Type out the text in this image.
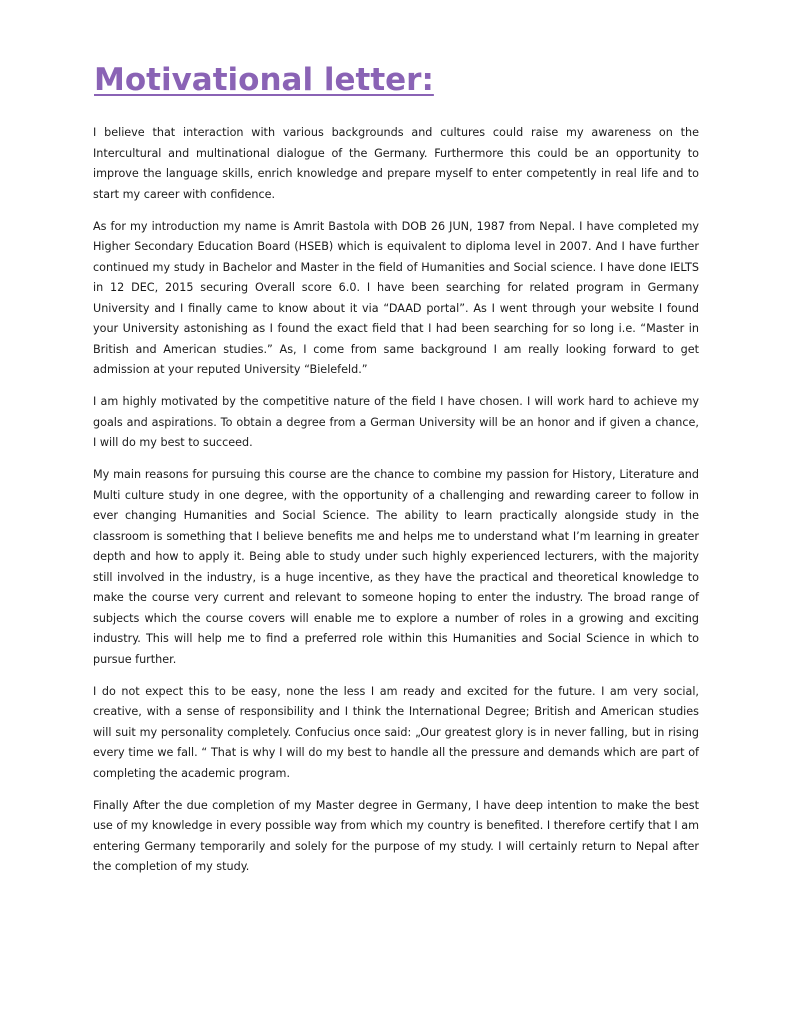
Motivational letter:

I believe that interaction with various backgrounds and cultures could raise my awareness on the Intercultural and multinational dialogue of the Germany. Furthermore this could be an opportunity to improve the language skills, enrich knowledge and prepare myself to enter competently in real life and to start my career with confidence.

As for my introduction my name is Amrit Bastola with DOB 26 JUN, 1987 from Nepal. I have completed my Higher Secondary Education Board (HSEB) which is equivalent to diploma level in 2007. And I have further continued my study in Bachelor and Master in the field of Humanities and Social science. I have done IELTS in 12 DEC, 2015 securing Overall score 6.0. I have been searching for related program in Germany University and I finally came to know about it via “DAAD portal”. As I went through your website I found your University astonishing as I found the exact field that I had been searching for so long i.e. “Master in British and American studies.” As, I come from same background I am really looking forward to get admission at your reputed University “Bielefeld.”

I am highly motivated by the competitive nature of the field I have chosen. I will work hard to achieve my goals and aspirations. To obtain a degree from a German University will be an honor and if given a chance, I will do my best to succeed.

My main reasons for pursuing this course are the chance to combine my passion for History, Literature and Multi culture study in one degree, with the opportunity of a challenging and rewarding career to follow in ever changing Humanities and Social Science. The ability to learn practically alongside study in the classroom is something that I believe benefits me and helps me to understand what I’m learning in greater depth and how to apply it. Being able to study under such highly experienced lecturers, with the majority still involved in the industry, is a huge incentive, as they have the practical and theoretical knowledge to make the course very current and relevant to someone hoping to enter the industry. The broad range of subjects which the course covers will enable me to explore a number of roles in a growing and exciting industry. This will help me to find a preferred role within this Humanities and Social Science in which to pursue further.

I do not expect this to be easy, none the less I am ready and excited for the future. I am very social, creative, with a sense of responsibility and I think the International Degree; British and American studies will suit my personality completely. Confucius once said: „Our greatest glory is in never falling, but in rising every time we fall. “ That is why I will do my best to handle all the pressure and demands which are part of completing the academic program.

Finally After the due completion of my Master degree in Germany, I have deep intention to make the best use of my knowledge in every possible way from which my country is benefited. I therefore certify that I am entering Germany temporarily and solely for the purpose of my study. I will certainly return to Nepal after the completion of my study.
